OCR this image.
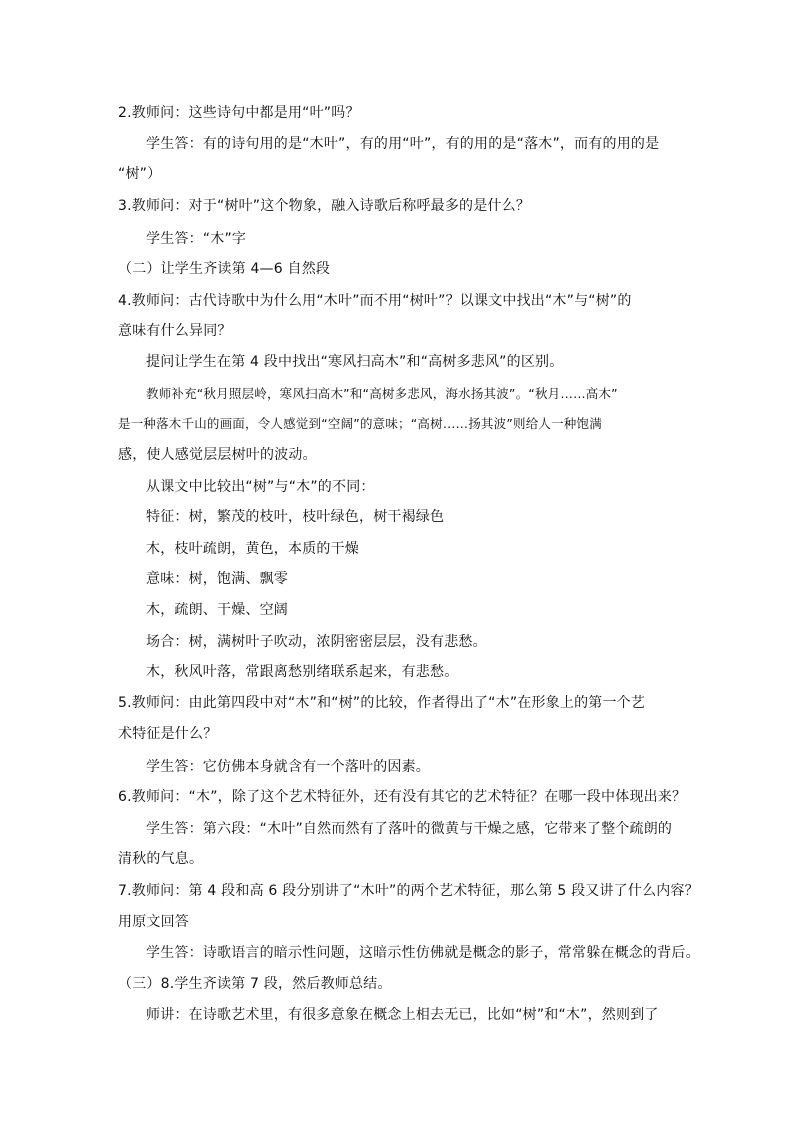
2.教师问：这些诗句中都是用“叶”吗？
学生答：有的诗句用的是“木叶”，有的用“叶”，有的用的是“落木”，而有的用的是
“树”）
3.教师问：对于“树叶”这个物象，融入诗歌后称呼最多的是什么？
学生答：“木”字
（二）让学生齐读第 4—6 自然段
4.教师问：古代诗歌中为什么用“木叶”而不用“树叶”？以课文中找出“木”与“树”的
意味有什么异同？
提问让学生在第 4 段中找出“寒风扫高木”和“高树多悲风”的区别。
教师补充“秋月照层岭，寒风扫高木”和“高树多悲风，海水扬其波”。“秋月……高木”
是一种落木千山的画面，令人感觉到“空阔”的意味；“高树……扬其波”则给人一种饱满
感，使人感觉层层树叶的波动。
从课文中比较出“树”与“木”的不同：
特征：树，繁茂的枝叶，枝叶绿色，树干褐绿色
木，枝叶疏朗，黄色，本质的干燥
意味：树，饱满、飘零
木，疏朗、干燥、空阔
场合：树，满树叶子吹动，浓阴密密层层，没有悲愁。
木，秋风叶落，常跟离愁别绪联系起来，有悲愁。
5.教师问：由此第四段中对“木”和“树”的比较，作者得出了“木”在形象上的第一个艺
术特征是什么？
学生答：它仿佛本身就含有一个落叶的因素。
6.教师问：“木”，除了这个艺术特征外，还有没有其它的艺术特征？在哪一段中体现出来？
学生答：第六段：“木叶”自然而然有了落叶的微黄与干燥之感，它带来了整个疏朗的
清秋的气息。
7.教师问：第 4 段和高 6 段分别讲了“木叶”的两个艺术特征，那么第 5 段又讲了什么内容？
用原文回答
学生答：诗歌语言的暗示性问题，这暗示性仿佛就是概念的影子，常常躲在概念的背后。
（三）8.学生齐读第 7 段，然后教师总结。
师讲：在诗歌艺术里，有很多意象在概念上相去无已，比如“树”和“木”，然则到了
